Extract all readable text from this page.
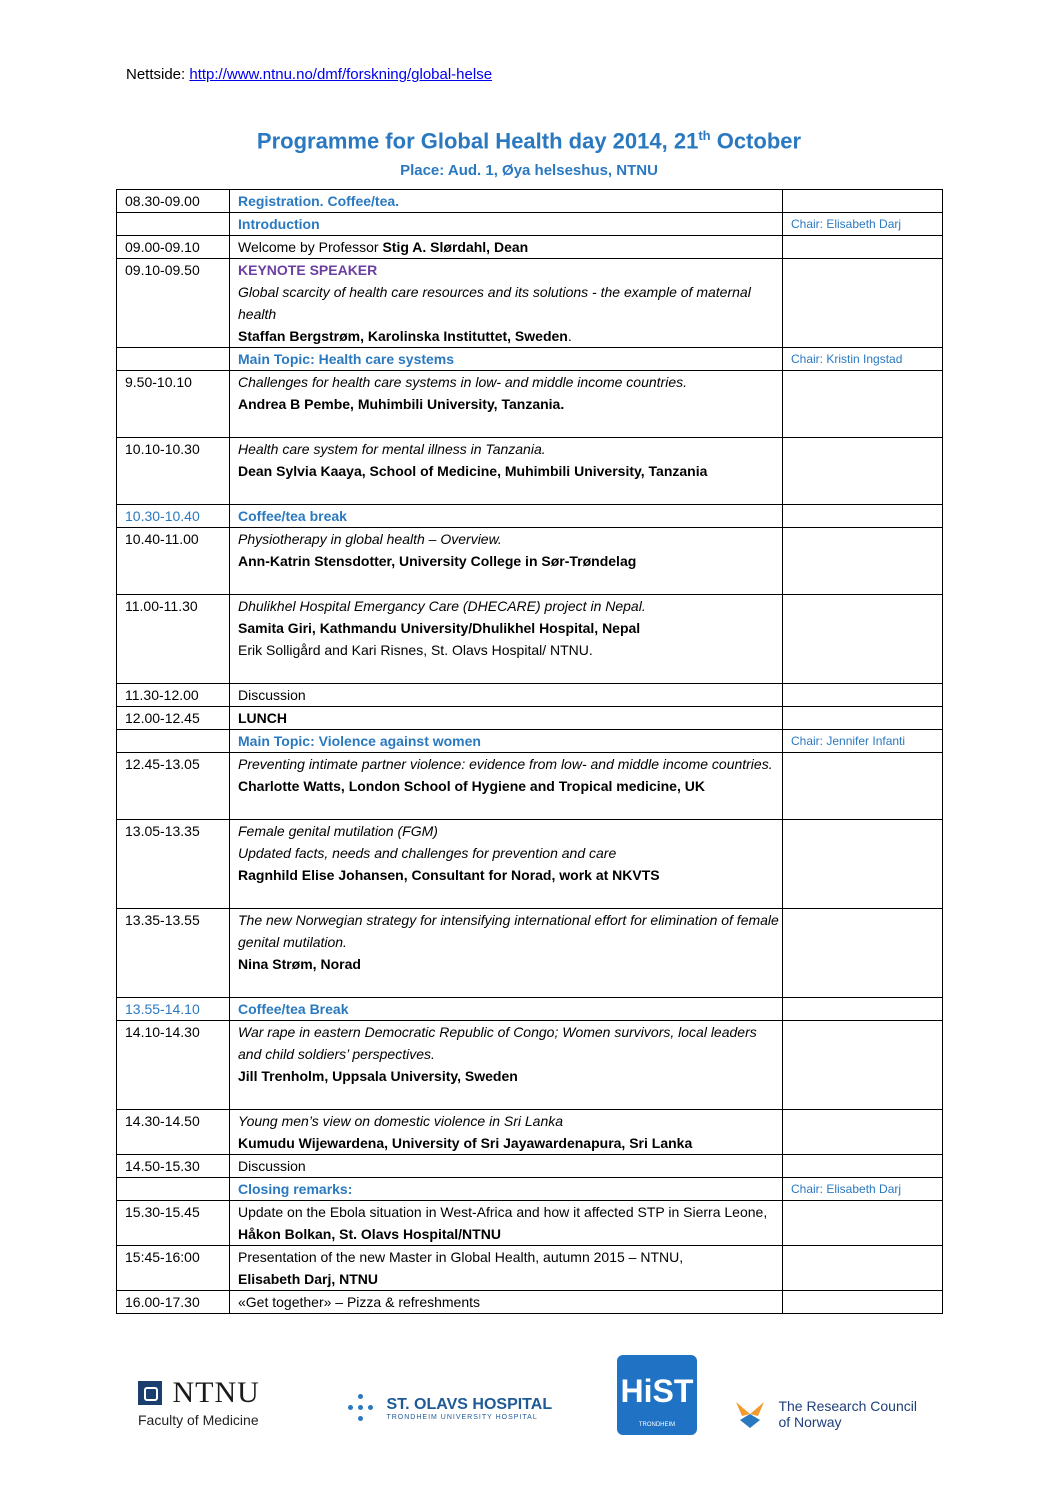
Nettside: http://www.ntnu.no/dmf/forskning/global-helse
Programme for Global Health day 2014, 21th October
Place: Aud. 1, Øya helseshus, NTNU
08.30-09.00	Registration. Coffee/tea.	

	Introduction	Chair: Elisabeth Darj
09.00-09.10	Welcome by Professor Stig A. Slørdahl, Dean	

09.10-09.50	KEYNOTE SPEAKER
Global scarcity of health care resources and its solutions - the example of maternal health
Staffan Bergstrøm, Karolinska Instituttet, Sweden.	

	Main Topic: Health care systems	Chair: Kristin Ingstad
9.50-10.10	Challenges for health care systems in low- and middle income countries.
Andrea B Pembe, Muhimbili University, Tanzania.	

10.10-10.30	Health care system for mental illness in Tanzania.
Dean Sylvia Kaaya, School of Medicine, Muhimbili University, Tanzania	

10.30-10.40	Coffee/tea break	

10.40-11.00	Physiotherapy in global health – Overview.
Ann-Katrin Stensdotter, University College in Sør-Trøndelag	

11.00-11.30	Dhulikhel Hospital Emergancy Care (DHECARE) project in Nepal.
Samita Giri, Kathmandu University/Dhulikhel Hospital, Nepal
Erik Solligård and Kari Risnes, St. Olavs Hospital/ NTNU.	

11.30-12.00	Discussion	

12.00-12.45	LUNCH	

	Main Topic: Violence against women	Chair: Jennifer Infanti
12.45-13.05	Preventing intimate partner violence: evidence from low- and middle income countries.
Charlotte Watts, London School of Hygiene and Tropical medicine, UK	

13.05-13.35	Female genital mutilation (FGM)
Updated facts, needs and challenges for prevention and care
Ragnhild Elise Johansen, Consultant for Norad, work at NKVTS	

13.35-13.55	The new Norwegian strategy for intensifying international effort for elimination of female genital mutilation.
Nina Strøm, Norad	

13.55-14.10	Coffee/tea Break	

14.10-14.30	War rape in eastern Democratic Republic of Congo; Women survivors, local leaders and child soldiers’ perspectives.
Jill Trenholm, Uppsala University, Sweden	

14.30-14.50	Young men’s view on domestic violence in Sri Lanka
Kumudu Wijewardena, University of Sri Jayawardenapura, Sri Lanka	

14.50-15.30	Discussion	

	Closing remarks:	Chair: Elisabeth Darj
15.30-15.45	Update on the Ebola situation in West-Africa and how it affected STP in Sierra Leone, Håkon Bolkan, St. Olavs Hospital/NTNU	

15:45-16:00	Presentation of the new Master in Global Health, autumn 2015 – NTNU,
Elisabeth Darj, NTNU	

16.00-17.30	«Get together» – Pizza & refreshments	

NTNU
Faculty of Medicine

ST. OLAVS HOSPITAL
TRONDHEIM UNIVERSITY HOSPITAL
HiST
TRONDHEIM

The Research Council
of Norway
